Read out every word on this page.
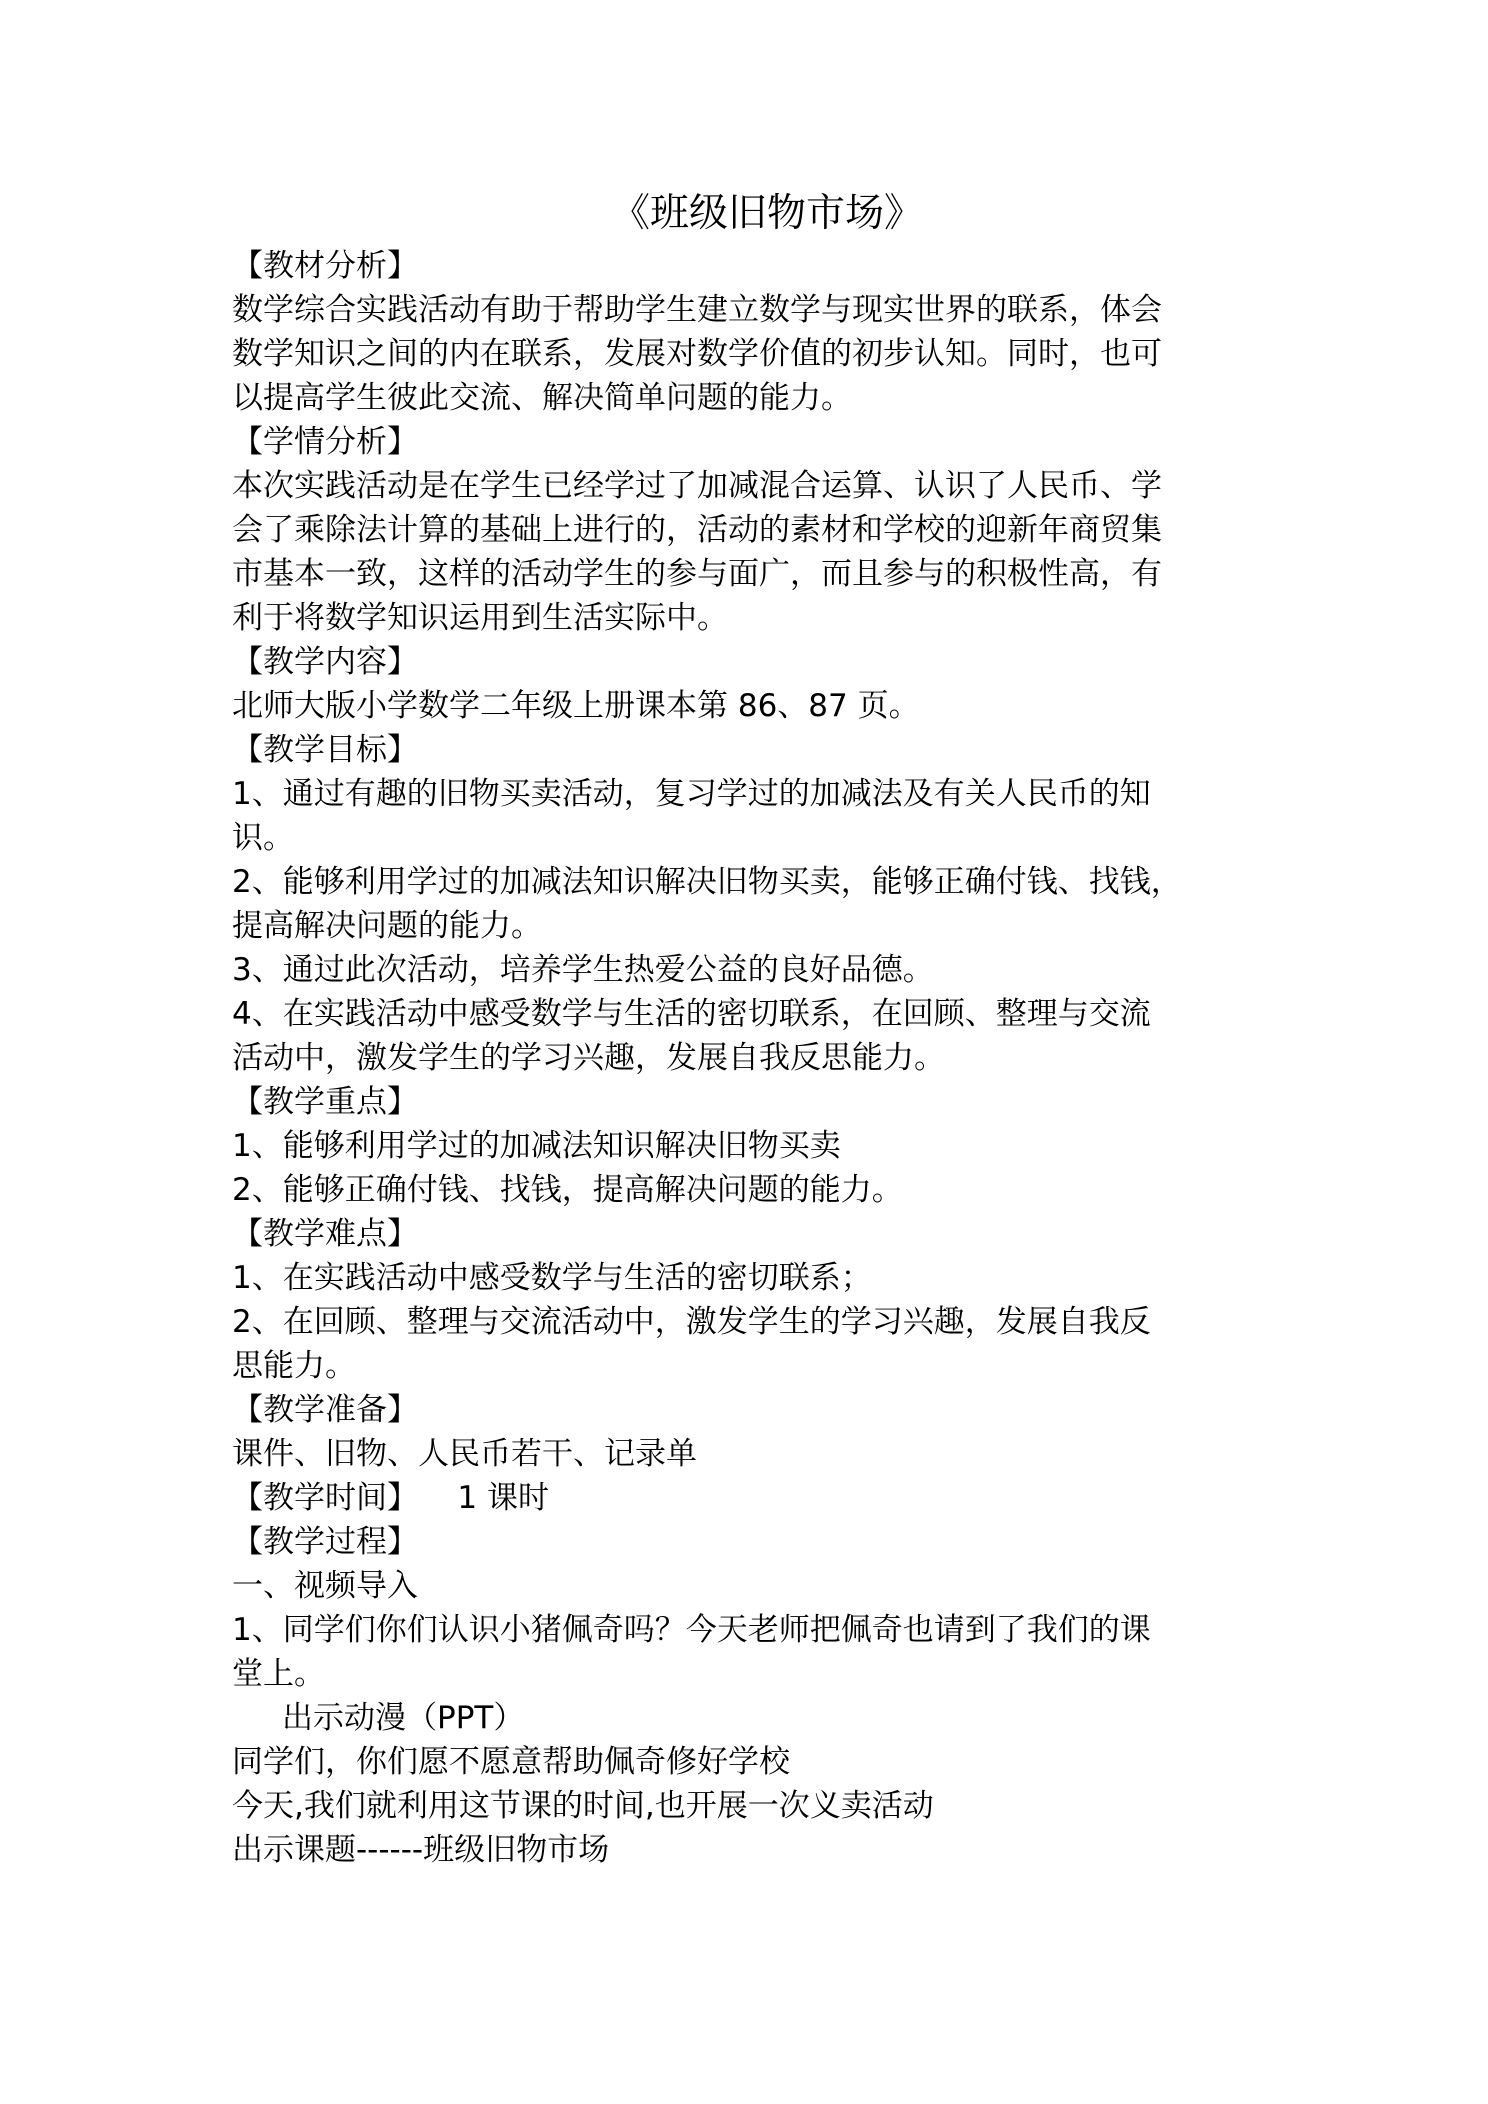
《班级旧物市场》

【教材分析】

数学综合实践活动有助于帮助学生建立数学与现实世界的联系，体会

数学知识之间的内在联系，发展对数学价值的初步认知。同时，也可

以提高学生彼此交流、解决简单问题的能力。

【学情分析】

本次实践活动是在学生已经学过了加减混合运算、认识了人民币、学

会了乘除法计算的基础上进行的，活动的素材和学校的迎新年商贸集

市基本一致，这样的活动学生的参与面广，而且参与的积极性高，有

利于将数学知识运用到生活实际中。

【教学内容】

北师大版小学数学二年级上册课本第 86、87 页。

【教学目标】

1、通过有趣的旧物买卖活动，复习学过的加减法及有关人民币的知

识。

2、能够利用学过的加减法知识解决旧物买卖，能够正确付钱、找钱，

提高解决问题的能力。

3、通过此次活动，培养学生热爱公益的良好品德。

4、在实践活动中感受数学与生活的密切联系，在回顾、整理与交流

活动中，激发学生的学习兴趣，发展自我反思能力。

【教学重点】

1、能够利用学过的加减法知识解决旧物买卖

2、能够正确付钱、找钱，提高解决问题的能力。

【教学难点】

1、在实践活动中感受数学与生活的密切联系；

2、在回顾、整理与交流活动中，激发学生的学习兴趣，发展自我反

思能力。

【教学准备】

课件、旧物、人民币若干、记录单

【教学时间】    1 课时

【教学过程】

一、视频导入

1、同学们你们认识小猪佩奇吗？今天老师把佩奇也请到了我们的课

堂上。

出示动漫（PPT）

同学们，你们愿不愿意帮助佩奇修好学校

今天,我们就利用这节课的时间,也开展一次义卖活动

出示课题------班级旧物市场
